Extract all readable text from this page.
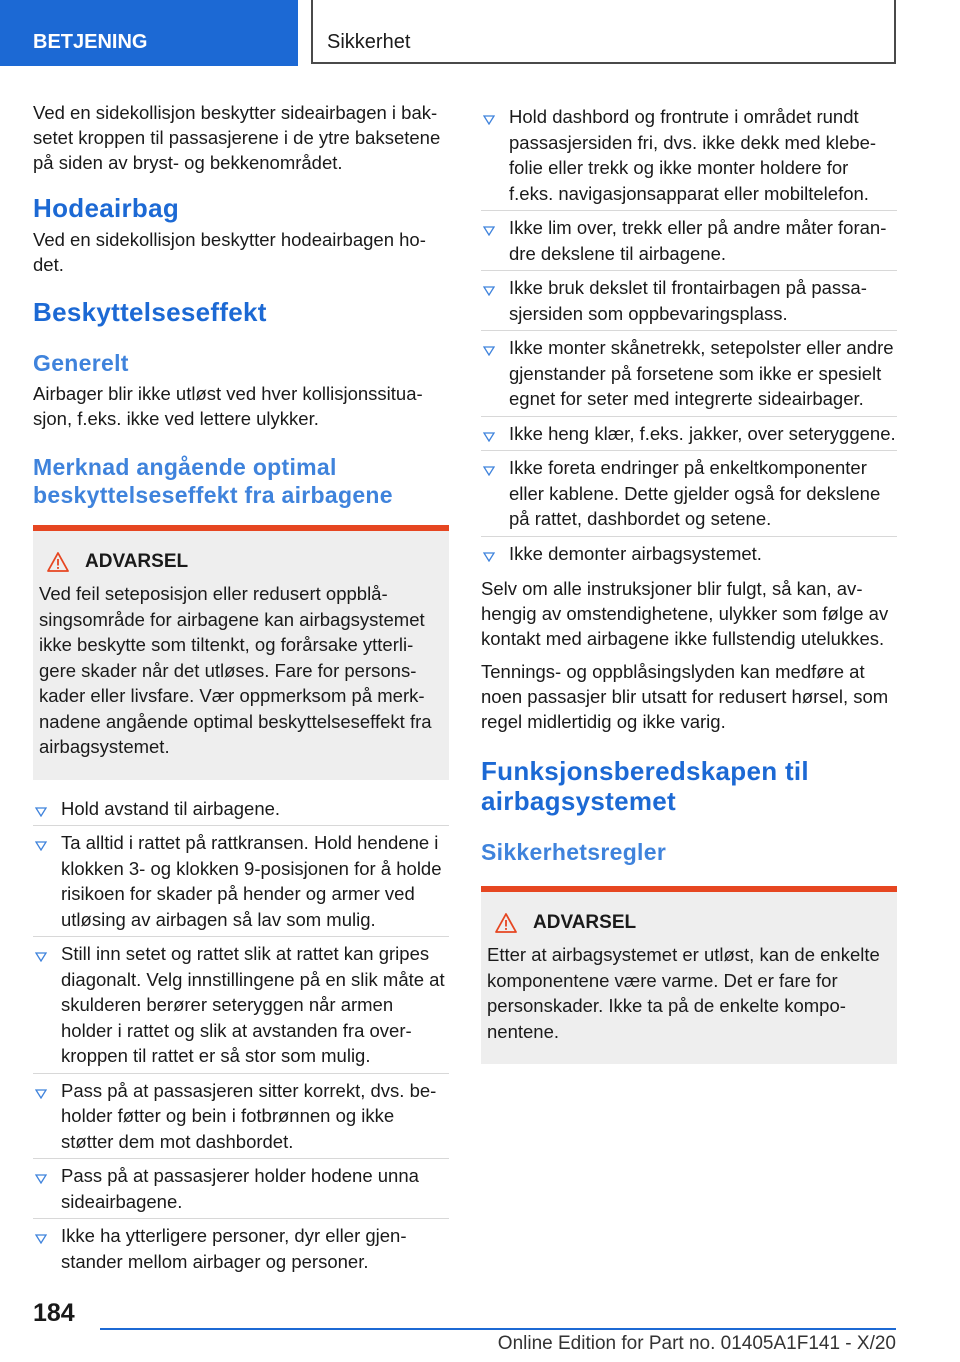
BETJENING	Sikkerhet

Ved en sidekollisjon beskytter sideairbagen i baksetet kroppen til passasjerene i de ytre baksetene på siden av bryst- og bekkenområdet.

Hodeairbag

Ved en sidekollisjon beskytter hodeairbagen hodet.

Beskyttelseseffekt
Generelt

Airbager blir ikke utløst ved hver kollisjonssituasjon, f.eks. ikke ved lettere ulykker.

Merknad angående optimal beskyttelseseffekt fra airbagene
ADVARSEL

Ved feil seteposisjon eller redusert oppblåsingsområde for airbagene kan airbagsystemet ikke beskytte som tiltenkt, og forårsake ytterligere skader når det utløses. Fare for personskader eller livsfare. Vær oppmerksom på merknadene angående optimal beskyttelseseffekt fra airbagsystemet.

Hold avstand til airbagene.
Ta alltid i rattet på rattkransen. Hold hendene i klokken 3- og klokken 9-posisjonen for å holde risikoen for skader på hender og armer ved utløsing av airbagen så lav som mulig.
Still inn setet og rattet slik at rattet kan gripes diagonalt. Velg innstillingene på en slik måte at skulderen berører seteryggen når armen holder i rattet og slik at avstanden fra overkroppen til rattet er så stor som mulig.
Pass på at passasjeren sitter korrekt, dvs. beholder føtter og bein i fotbrønnen og ikke støtter dem mot dashbordet.
Pass på at passasjerer holder hodene unna sideairbagene.
Ikke ha ytterligere personer, dyr eller gjenstander mellom airbager og personer.
Hold dashbord og frontrute i området rundt passasjersiden fri, dvs. ikke dekk med klebefolie eller trekk og ikke monter holdere for f.eks. navigasjonsapparat eller mobiltelefon.
Ikke lim over, trekk eller på andre måter forandre dekslene til airbagene.
Ikke bruk dekslet til frontairbagen på passasjersiden som oppbevaringsplass.
Ikke monter skånetrekk, setepolster eller andre gjenstander på forsetene som ikke er spesielt egnet for seter med integrerte sideairbager.
Ikke heng klær, f.eks. jakker, over seteryggene.
Ikke foreta endringer på enkeltkomponenter eller kablene. Dette gjelder også for dekslene på rattet, dashbordet og setene.
Ikke demonter airbagsystemet.

Selv om alle instruksjoner blir fulgt, så kan, avhengig av omstendighetene, ulykker som følge av kontakt med airbagene ikke fullstendig utelukkes.

Tennings- og oppblåsingslyden kan medføre at noen passasjer blir utsatt for redusert hørsel, som regel midlertidig og ikke varig.

Funksjonsberedskapen til airbagsystemet
Sikkerhetsregler
ADVARSEL

Etter at airbagsystemet er utløst, kan de enkelte komponentene være varme. Det er fare for personskader. Ikke ta på de enkelte komponentene.

184
Online Edition for Part no. 01405A1F141 - X/20
